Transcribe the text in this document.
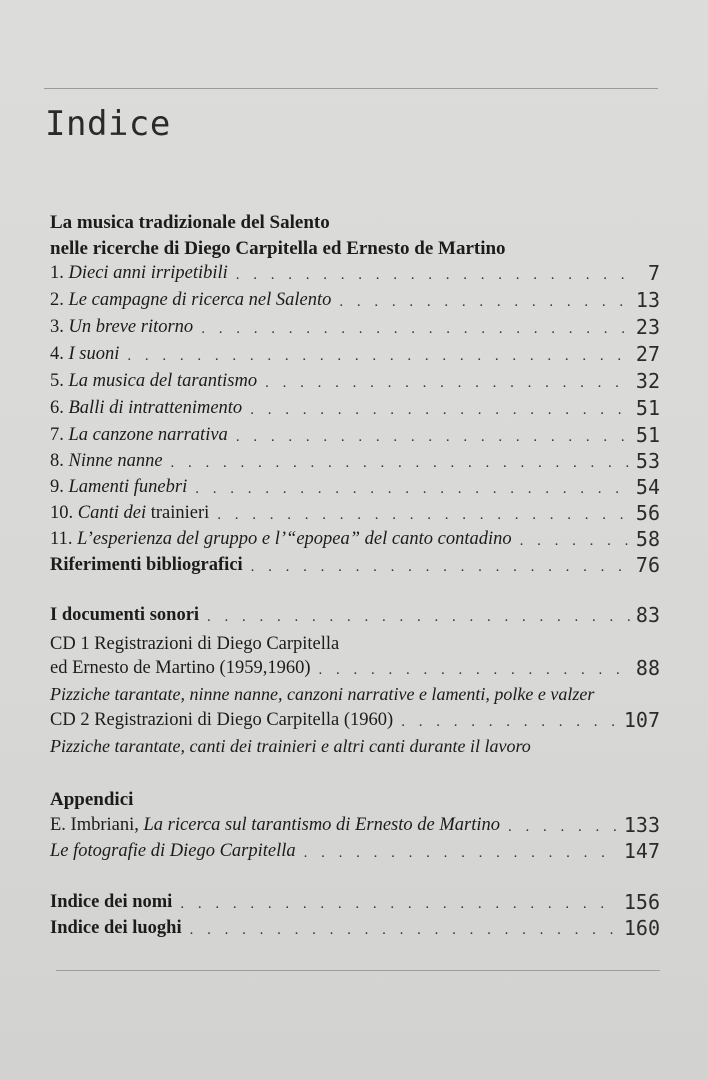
Indice
La musica tradizionale del Salento
nelle ricerche di Diego Carpitella ed Ernesto de Martino
1. Dieci anni irripetibili . . .	7
2. Le campagne di ricerca nel Salento . . .	13
3. Un breve ritorno . . .	23
4. I suoni . . .	27
5. La musica del tarantismo . . .	32
6. Balli di intrattenimento . . .	51
7. La canzone narrativa . . .	51
8. Ninne nanne . . .	53
9. Lamenti funebri . . .	54
10. Canti dei trainieri . . .	56
11. L’esperienza del gruppo e l’“epopea” del canto contadino . . .	58
Riferimenti bibliografici . . .	76
I documenti sonori . . .	83
CD 1 Registrazioni di Diego Carpitella
ed Ernesto de Martino (1959,1960) . . .	88
Pizziche tarantate, ninne nanne, canzoni narrative e lamenti, polke e valzer
CD 2 Registrazioni di Diego Carpitella (1960) . . .	107
Pizziche tarantate, canti dei trainieri e altri canti durante il lavoro
Appendici
E. Imbriani, La ricerca sul tarantismo di Ernesto de Martino . . .	133
Le fotografie di Diego Carpitella . . .	147
Indice dei nomi . . .	156
Indice dei luoghi . . .	160
